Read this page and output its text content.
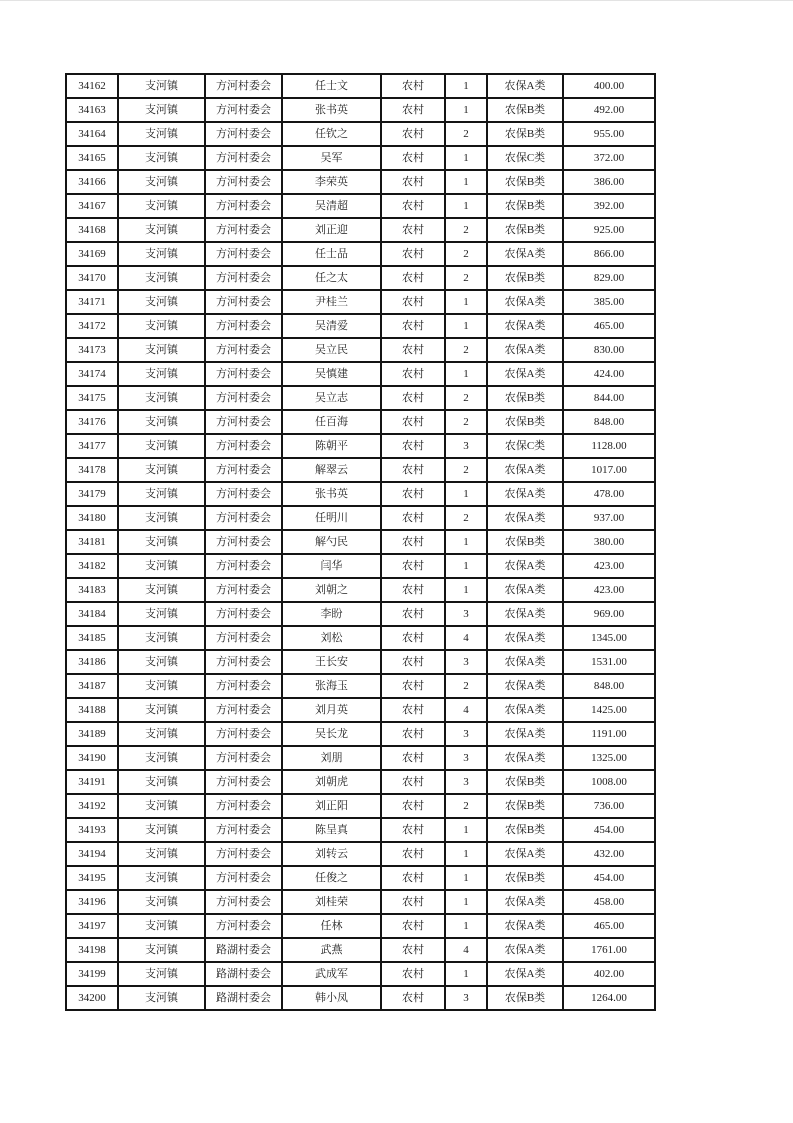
34162	支河镇	方河村委会	任士文	农村	1	农保A类	400.00
34163	支河镇	方河村委会	张书英	农村	1	农保B类	492.00
34164	支河镇	方河村委会	任钦之	农村	2	农保B类	955.00
34165	支河镇	方河村委会	吴军	农村	1	农保C类	372.00
34166	支河镇	方河村委会	李荣英	农村	1	农保B类	386.00
34167	支河镇	方河村委会	吴清超	农村	1	农保B类	392.00
34168	支河镇	方河村委会	刘正迎	农村	2	农保B类	925.00
34169	支河镇	方河村委会	任士品	农村	2	农保A类	866.00
34170	支河镇	方河村委会	任之太	农村	2	农保B类	829.00
34171	支河镇	方河村委会	尹桂兰	农村	1	农保A类	385.00
34172	支河镇	方河村委会	吴清爱	农村	1	农保A类	465.00
34173	支河镇	方河村委会	吴立民	农村	2	农保A类	830.00
34174	支河镇	方河村委会	吴慎建	农村	1	农保A类	424.00
34175	支河镇	方河村委会	吴立志	农村	2	农保B类	844.00
34176	支河镇	方河村委会	任百海	农村	2	农保B类	848.00
34177	支河镇	方河村委会	陈朝平	农村	3	农保C类	1128.00
34178	支河镇	方河村委会	解翠云	农村	2	农保A类	1017.00
34179	支河镇	方河村委会	张书英	农村	1	农保A类	478.00
34180	支河镇	方河村委会	任明川	农村	2	农保A类	937.00
34181	支河镇	方河村委会	解勺民	农村	1	农保B类	380.00
34182	支河镇	方河村委会	闫华	农村	1	农保A类	423.00
34183	支河镇	方河村委会	刘朝之	农村	1	农保A类	423.00
34184	支河镇	方河村委会	李盼	农村	3	农保A类	969.00
34185	支河镇	方河村委会	刘松	农村	4	农保A类	1345.00
34186	支河镇	方河村委会	王长安	农村	3	农保A类	1531.00
34187	支河镇	方河村委会	张海玉	农村	2	农保A类	848.00
34188	支河镇	方河村委会	刘月英	农村	4	农保A类	1425.00
34189	支河镇	方河村委会	吴长龙	农村	3	农保A类	1191.00
34190	支河镇	方河村委会	刘朋	农村	3	农保A类	1325.00
34191	支河镇	方河村委会	刘朝虎	农村	3	农保B类	1008.00
34192	支河镇	方河村委会	刘正阳	农村	2	农保B类	736.00
34193	支河镇	方河村委会	陈呈真	农村	1	农保B类	454.00
34194	支河镇	方河村委会	刘转云	农村	1	农保A类	432.00
34195	支河镇	方河村委会	任俊之	农村	1	农保B类	454.00
34196	支河镇	方河村委会	刘桂荣	农村	1	农保A类	458.00
34197	支河镇	方河村委会	任林	农村	1	农保A类	465.00
34198	支河镇	路湖村委会	武燕	农村	4	农保A类	1761.00
34199	支河镇	路湖村委会	武成军	农村	1	农保A类	402.00
34200	支河镇	路湖村委会	韩小凤	农村	3	农保B类	1264.00
